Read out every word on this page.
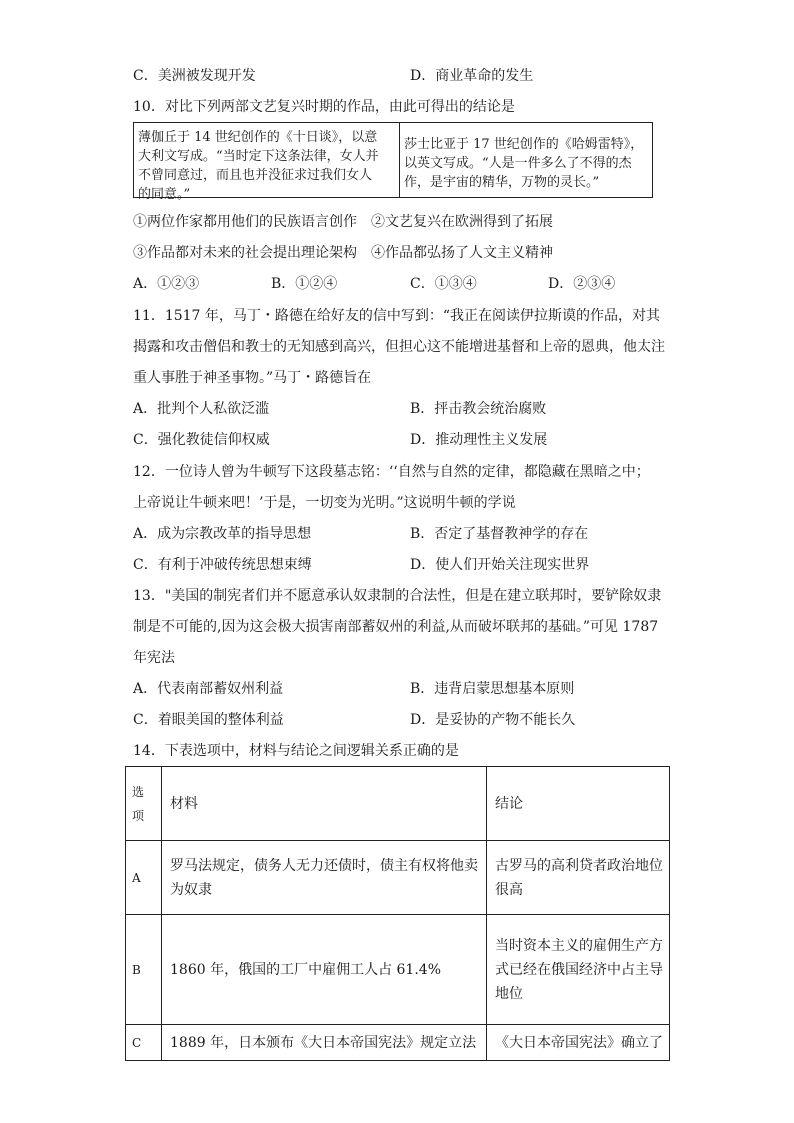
C．美洲被发现开发	D．商业革命的发生
10．对比下列两部文艺复兴时期的作品，由此可得出的结论是
薄伽丘于 14 世纪创作的《十日谈》，以意
大利文写成。“当时定下这条法律，女人并
不曾同意过，而且也并没征求过我们女人
的同意。”
莎士比亚于 17 世纪创作的《哈姆雷特》，
以英文写成。“人是一件多么了不得的杰
作，是宇宙的精华，万物的灵长。”
①两位作家都用他们的民族语言创作　②文艺复兴在欧洲得到了拓展
③作品都对未来的社会提出理论架构　④作品都弘扬了人文主义精神
A．①②③	B．①②④	C．①③④	D．②③④
11．1517 年，马丁・路德在给好友的信中写到：“我正在阅读伊拉斯谟的作品，对其
揭露和攻击僧侣和教士的无知感到高兴，但担心这不能增进基督和上帝的恩典，他太注
重人事胜于神圣事物。”马丁・路德旨在
A．批判个人私欲泛滥	B．抨击教会统治腐败
C．强化教徒信仰权威	D．推动理性主义发展
12．一位诗人曾为牛顿写下这段墓志铭：‘‘自然与自然的定律，都隐藏在黑暗之中；
上帝说让牛顿来吧！’于是，一切变为光明。”这说明牛顿的学说
A．成为宗教改革的指导思想	B．否定了基督教神学的存在
C．有利于冲破传统思想束缚	D．使人们开始关注现实世界
13．"美国的制宪者们并不愿意承认奴隶制的合法性，但是在建立联邦时，要铲除奴隶
制是不可能的,因为这会极大损害南部蓄奴州的利益,从而破坏联邦的基础。”可见 1787
年宪法
A．代表南部蓄奴州利益	B．违背启蒙思想基本原则
C．着眼美国的整体利益	D．是妥协的产物不能长久
14．下表选项中，材料与结论之间逻辑关系正确的是
选项	材料	结论
A	罗马法规定，债务人无力还债时，债主有权将他卖为奴隶	古罗马的高利贷者政治地位很高
B	1860 年，俄国的工厂中雇佣工人占 61.4%	当时资本主义的雇佣生产方式已经在俄国经济中占主导地位
C	1889 年，日本颁布《大日本帝国宪法》规定立法	《大日本帝国宪法》确立了
